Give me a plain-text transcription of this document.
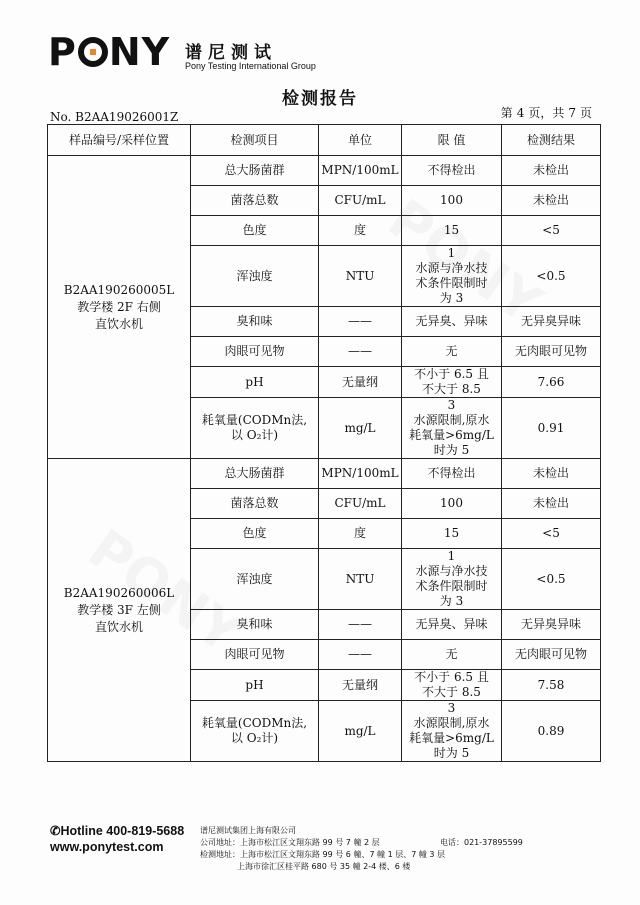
P NY 谱尼测试
Pony Testing International Group
检测报告
No. B2AA19026001Z	第 4 页，共 7 页
样品编号/采样位置	检测项目	单位	限 值	检测结果

B2AA190260005L
教学楼 2F 右侧
直饮水机	总大肠菌群	MPN/100mL	不得检出	未检出
	菌落总数	CFU/mL	100	未检出
	色度	度	15	<5
	浑浊度	NTU	1
水源与净水技
术条件限制时
为 3	<0.5
	臭和味	——	无异臭、异味	无异臭异味
	肉眼可见物	——	无	无肉眼可见物
	pH	无量纲	不小于 6.5 且
不大于 8.5	7.66
	耗氧量(CODMn法,
以 O₂计)	mg/L	3
水源限制,原水
耗氧量>6mg/L
时为 5	0.91

B2AA190260006L
教学楼 3F 左侧
直饮水机	总大肠菌群	MPN/100mL	不得检出	未检出
	菌落总数	CFU/mL	100	未检出
	色度	度	15	<5
	浑浊度	NTU	1
水源与净水技
术条件限制时
为 3	<0.5
	臭和味	——	无异臭、异味	无异臭异味
	肉眼可见物	——	无	无肉眼可见物
	pH	无量纲	不小于 6.5 且
不大于 8.5	7.58
	耗氧量(CODMn法,
以 O₂计)	mg/L	3
水源限制,原水
耗氧量>6mg/L
时为 5	0.89
✆Hotline 400-819-5688
www.ponytest.com
谱尼测试集团上海有限公司
公司地址：上海市松江区文翔东路 99 号 7 幢 2 层
检测地址：上海市松江区文翔东路 99 号 6 幢、7 幢 1 层、7 幢 3 层
上海市徐汇区桂平路 680 号 35 幢 2-4 楼、6 楼
电话：021-37895599
